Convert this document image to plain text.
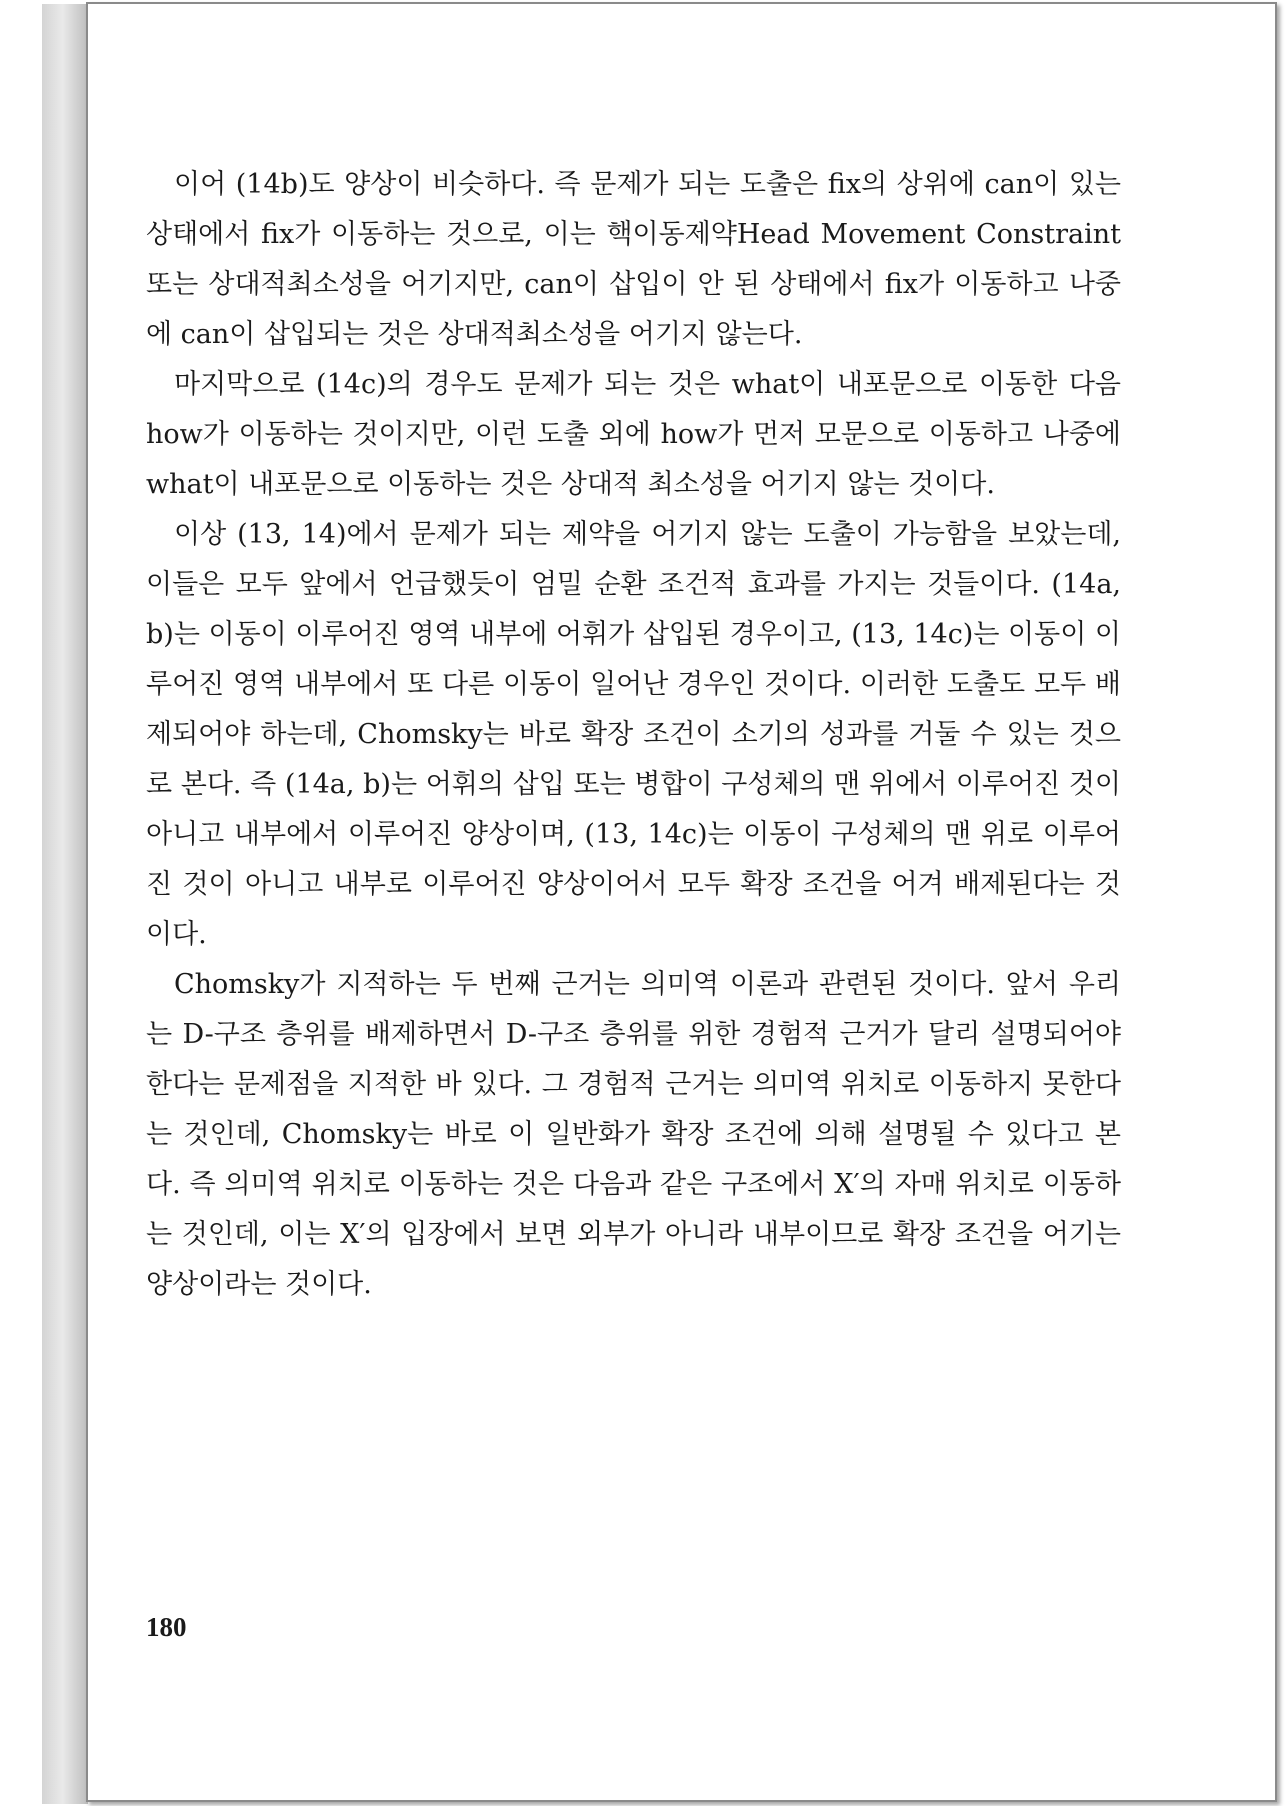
이어 (14b)도 양상이 비슷하다. 즉 문제가 되는 도출은 fix의 상위에 can이 있는 상태에서 fix가 이동하는 것으로, 이는 핵이동제약Head Movement Constraint 또는 상대적최소성을 어기지만, can이 삽입이 안 된 상태에서 fix가 이동하고 나중에 can이 삽입되는 것은 상대적최소성을 어기지 않는다.

마지막으로 (14c)의 경우도 문제가 되는 것은 what이 내포문으로 이동한 다음 how가 이동하는 것이지만, 이런 도출 외에 how가 먼저 모문으로 이동하고 나중에 what이 내포문으로 이동하는 것은 상대적 최소성을 어기지 않는 것이다.

이상 (13, 14)에서 문제가 되는 제약을 어기지 않는 도출이 가능함을 보았는데, 이들은 모두 앞에서 언급했듯이 엄밀 순환 조건적 효과를 가지는 것들이다. (14a, b)는 이동이 이루어진 영역 내부에 어휘가 삽입된 경우이고, (13, 14c)는 이동이 이루어진 영역 내부에서 또 다른 이동이 일어난 경우인 것이다. 이러한 도출도 모두 배제되어야 하는데, Chomsky는 바로 확장 조건이 소기의 성과를 거둘 수 있는 것으로 본다. 즉 (14a, b)는 어휘의 삽입 또는 병합이 구성체의 맨 위에서 이루어진 것이 아니고 내부에서 이루어진 양상이며, (13, 14c)는 이동이 구성체의 맨 위로 이루어진 것이 아니고 내부로 이루어진 양상이어서 모두 확장 조건을 어겨 배제된다는 것이다.

Chomsky가 지적하는 두 번째 근거는 의미역 이론과 관련된 것이다. 앞서 우리는 D-구조 층위를 배제하면서 D-구조 층위를 위한 경험적 근거가 달리 설명되어야 한다는 문제점을 지적한 바 있다. 그 경험적 근거는 의미역 위치로 이동하지 못한다는 것인데, Chomsky는 바로 이 일반화가 확장 조건에 의해 설명될 수 있다고 본다. 즉 의미역 위치로 이동하는 것은 다음과 같은 구조에서 X′의 자매 위치로 이동하는 것인데, 이는 X′의 입장에서 보면 외부가 아니라 내부이므로 확장 조건을 어기는 양상이라는 것이다.

180
